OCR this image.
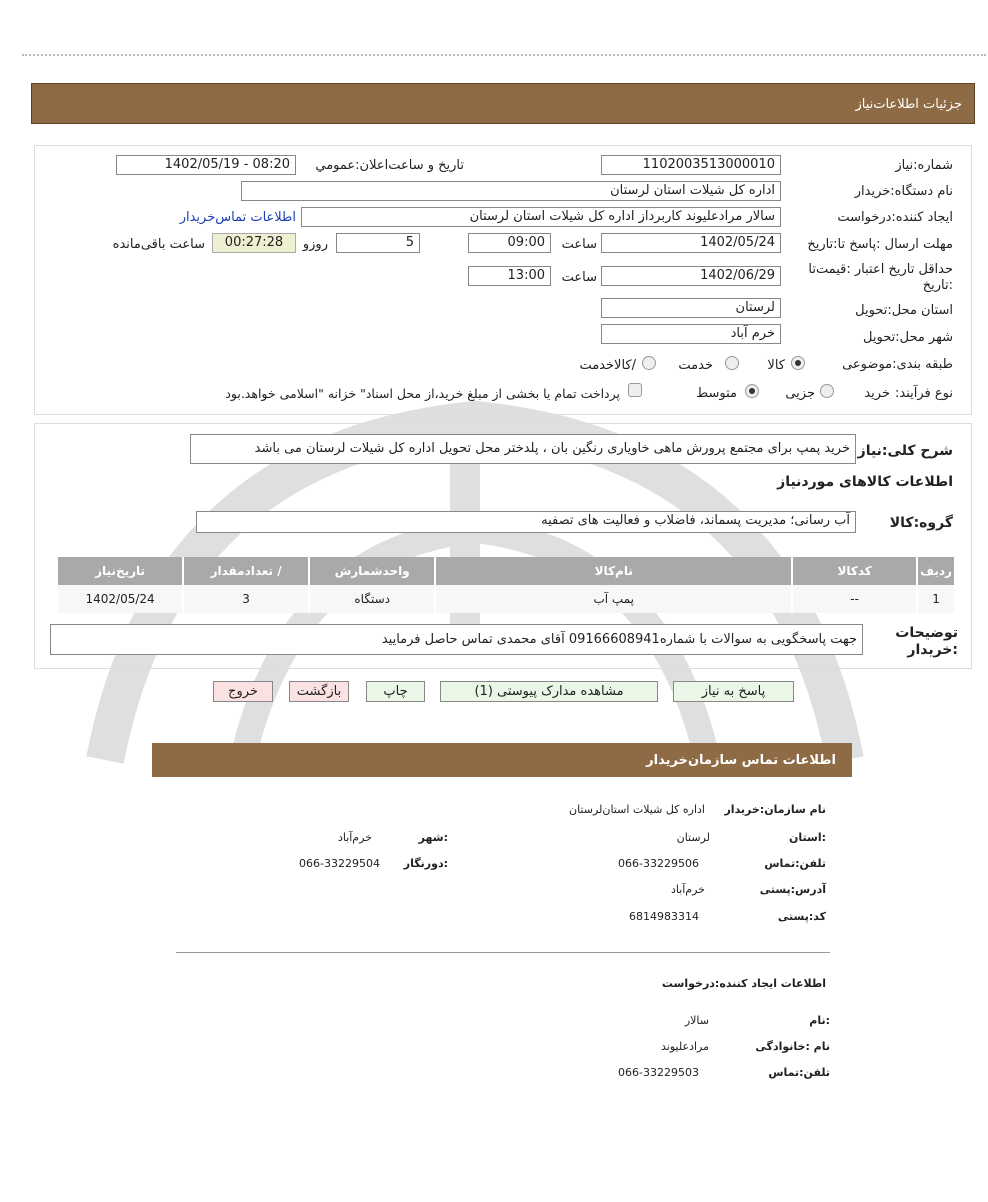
جزئیات اطلاعات‌نیاز
شماره:نیاز
1102003513000010
تاریخ و ساعت‌اعلان:عمومي
1402/05/19 - 08:20
نام دستگاه:خریدار
اداره کل شیلات استان لرستان
ایجاد کننده:درخواست
سالار مرادعلیوند کاربرداز اداره کل شیلات استان لرستان
اطلاعات تماس‌خریدار
مهلت ارسال :پاسخ تا:تاریخ
1402/05/24
ساعت
09:00
5
روزو
00:27:28
ساعت باقی‌مانده
حداقل تاریخ اعتبار :قیمت‌تا
:تاریخ
1402/06/29
ساعت
13:00
استان محل:تحویل
لرستان
شهر محل:تحویل
خرم آباد
طبقه بندی:موضوعی
کالا
خدمت
/کالاخدمت
نوع فرآیند:
خرید
جزیی
متوسط
پرداخت تمام یا بخشی از مبلغ خرید،از محل اسناد" خزانه "اسلامی خواهد.بود
شرح کلی:نیاز
خرید پمپ برای مجتمع پرورش ماهی خاویاری رنگین بان ، پلدختر محل تحویل اداره کل شیلات لرستان می باشد
اطلاعات کالاهای مورد‌نیاز
گروه:کالا
آب رسانی؛ مدیریت پسماند، فاضلاب و فعالیت های تصفیه
ردیف	کدکالا	نام‌کالا	واحدشمارش	/ تعدادمقدار	تاریخ‌نیاز
1	--	پمپ آب	دستگاه	3	1402/05/24
توضیحات
:خریدار
جهت پاسخگویی به سوالات با شماره09166608941 آقای محمدی تماس حاصل فرمایید
پاسخ به نیاز
مشاهده مدارک پیوستی (1)
چاپ
بازگشت
خروج
اطلاعات تماس سازمان‌خریدار
نام سازمان:خریدار
اداره کل شیلات استان‌لرستان
:استان
لرستان
:شهر
خرم‌آباد
تلفن:تماس
066-33229506
:دورنگار
066-33229504
آدرس:پستی
خرم‌آباد
کد:پستی
6814983314
اطلاعات ایجاد کننده:درخواست
:نام
سالار
نام :خانوادگی
مرادعلیوند
تلفن:تماس
066-33229503
